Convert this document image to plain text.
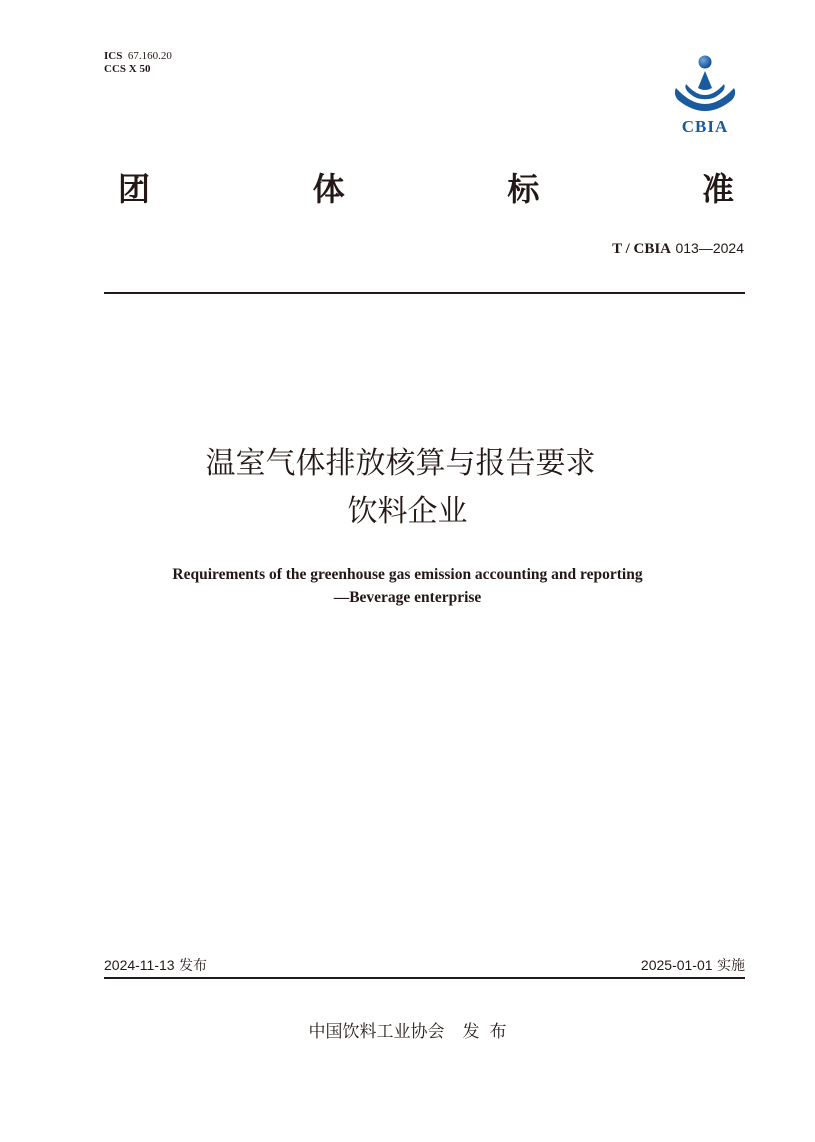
ICS 67.160.20
CCS X 50
CBIA
团	体	标	准
T / CBIA 013—2024
温室气体排放核算与报告要求
饮料企业
Requirements of the greenhouse gas emission accounting and reporting
—Beverage enterprise
2024-11-13 发布	2025-01-01 实施
中国饮料工业协会 发布
